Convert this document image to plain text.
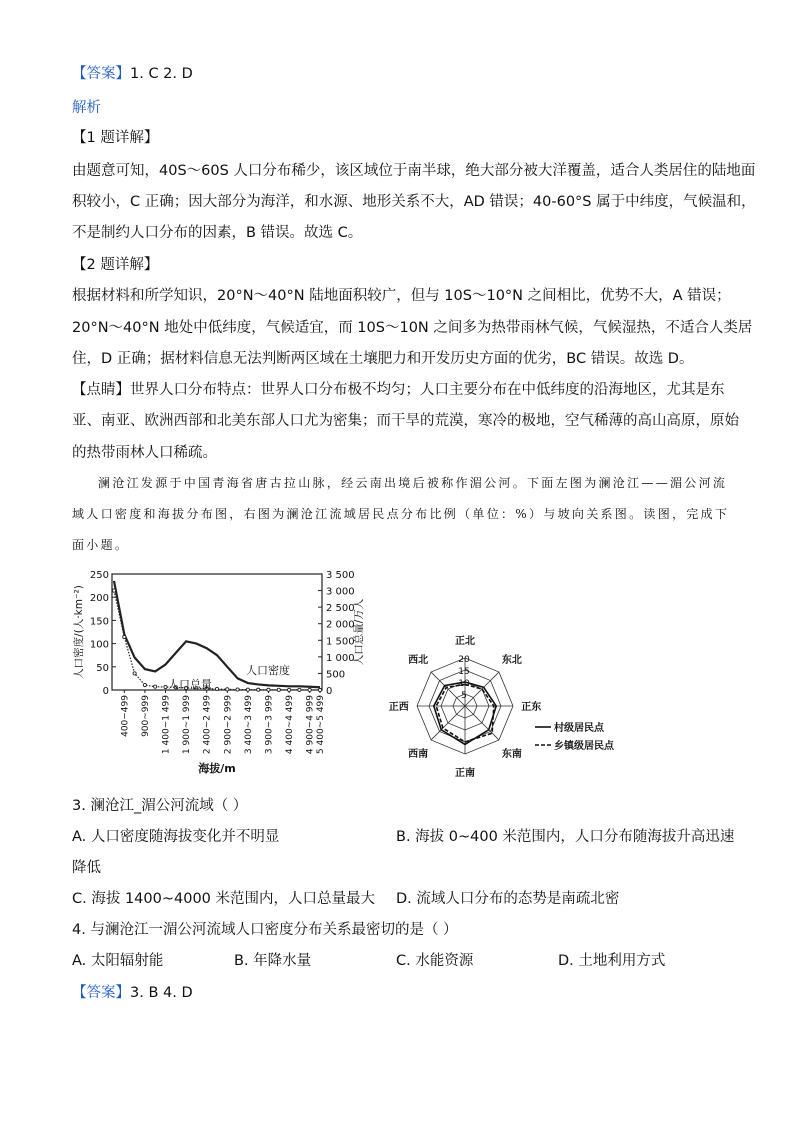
【答案】1. C 2. D
解析
【1 题详解】
由题意可知，40S～60S 人口分布稀少，该区域位于南半球，绝大部分被大洋覆盖，适合人类居住的陆地面
积较小，C 正确；因大部分为海洋，和水源、地形关系不大，AD 错误；40-60°S 属于中纬度，气候温和，
不是制约人口分布的因素，B 错误。故选 C。
【2 题详解】
根据材料和所学知识，20°N～40°N 陆地面积较广，但与 10S～10°N 之间相比，优势不大，A 错误；
20°N～40°N 地处中低纬度，气候适宜，而 10S～10N 之间多为热带雨林气候，气候湿热，不适合人类居
住，D 正确；据材料信息无法判断两区域在土壤肥力和开发历史方面的优劣，BC 错误。故选 D。
【点睛】世界人口分布特点：世界人口分布极不均匀；人口主要分布在中低纬度的沿海地区，尤其是东
亚、南亚、欧洲西部和北美东部人口尤为密集；而干旱的荒漠，寒冷的极地，空气稀薄的高山高原，原始
的热带雨林人口稀疏。
澜沧江发源于中国青海省唐古拉山脉，经云南出境后被称作湄公河。下面左图为澜沧江——湄公河流
域人口密度和海拔分布图，右图为澜沧江流域居民点分布比例（单位：%）与坡向关系图。读图，完成下
面小题。
250
200
150
100
50
0
3 500
3 000
2 500
2 000
1 500
1 000
500
0
400~499 900~999 1 400~1 499 1 900~1 999 2 400~2 499 2 900~2 999 3 400~3 499 3 900~3 999 4 400~4 499 4 900~4 999 5 400~5 499
海拔/m
人口密度/(人·km⁻²)	人口总量/万人
人口密度
人口总量
正北
东北
正东
东南
正南
西南
正西
西北	20
15
10
5
村级居民点
乡镇级居民点
3. 澜沧江_湄公河流域（ ）
A. 人口密度随海拔变化并不明显	B. 海拔 0~400 米范围内，人口分布随海拔升高迅速
降低
C. 海拔 1400~4000 米范围内，人口总量最大 D. 流域人口分布的态势是南疏北密
4. 与澜沧江一湄公河流域人口密度分布关系最密切的是（ ）
A. 太阳辐射能	B. 年降水量	C. 水能资源	D. 土地利用方式
【答案】3. B 4. D
